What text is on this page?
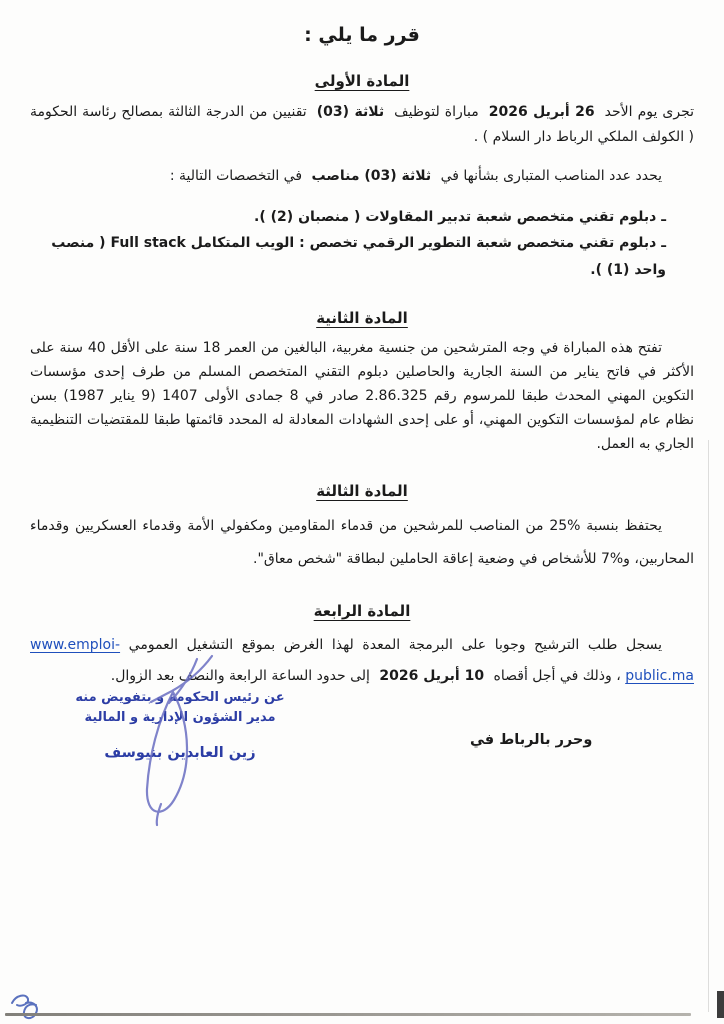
قرر ما يلي :
المادة الأولى

تجرى يوم الأحد 26 أبريل 2026 مباراة لتوظيف ثلاثة (03) تقنيين من الدرجة الثالثة بمصالح رئاسة الحكومة ( الكولف الملكي الرباط دار السلام ) .

يحدد عدد المناصب المتبارى بشأنها في ثلاثة (03) مناصب في التخصصات التالية :

ـ دبلوم تقني متخصص شعبة تدبير المقاولات ( منصبان (2) ).
ـ دبلوم تقني متخصص شعبة التطوير الرقمي تخصص : الويب المتكامل Full stack ( منصب واحد (1) ).
المادة الثانية

تفتح هذه المباراة في وجه المترشحين من جنسية مغربية، البالغين من العمر 18 سنة على الأقل 40 سنة على الأكثر في فاتح يناير من السنة الجارية والحاصلين دبلوم التقني المتخصص المسلم من طرف إحدى مؤسسات التكوين المهني المحدث طبقا للمرسوم رقم 2.86.325 صادر في 8 جمادى الأولى 1407 (9 يناير 1987) بسن نظام عام لمؤسسات التكوين المهني، أو على إحدى الشهادات المعادلة له المحدد قائمتها طبقا للمقتضيات التنظيمية الجاري به العمل.

المادة الثالثة

يحتفظ بنسبة %25 من المناصب للمرشحين من قدماء المقاومين ومكفولي الأمة وقدماء العسكريين وقدماء المحاربين، و%7 للأشخاص في وضعية إعاقة الحاملين لبطاقة "شخص معاق".

المادة الرابعة

يسجل طلب الترشيح وجوبا على البرمجة المعدة لهذا الغرض بموقع التشغيل العمومي www.emploi-public.ma ، وذلك في أجل أقصاه 10 أبريل 2026 إلى حدود الساعة الرابعة والنصف بعد الزوال.

وحرر بالرباط في
عن رئيس الحكومة و بتفويض منه
مدير الشؤون الإدارية و المالية
زين العابدين بنيوسف
